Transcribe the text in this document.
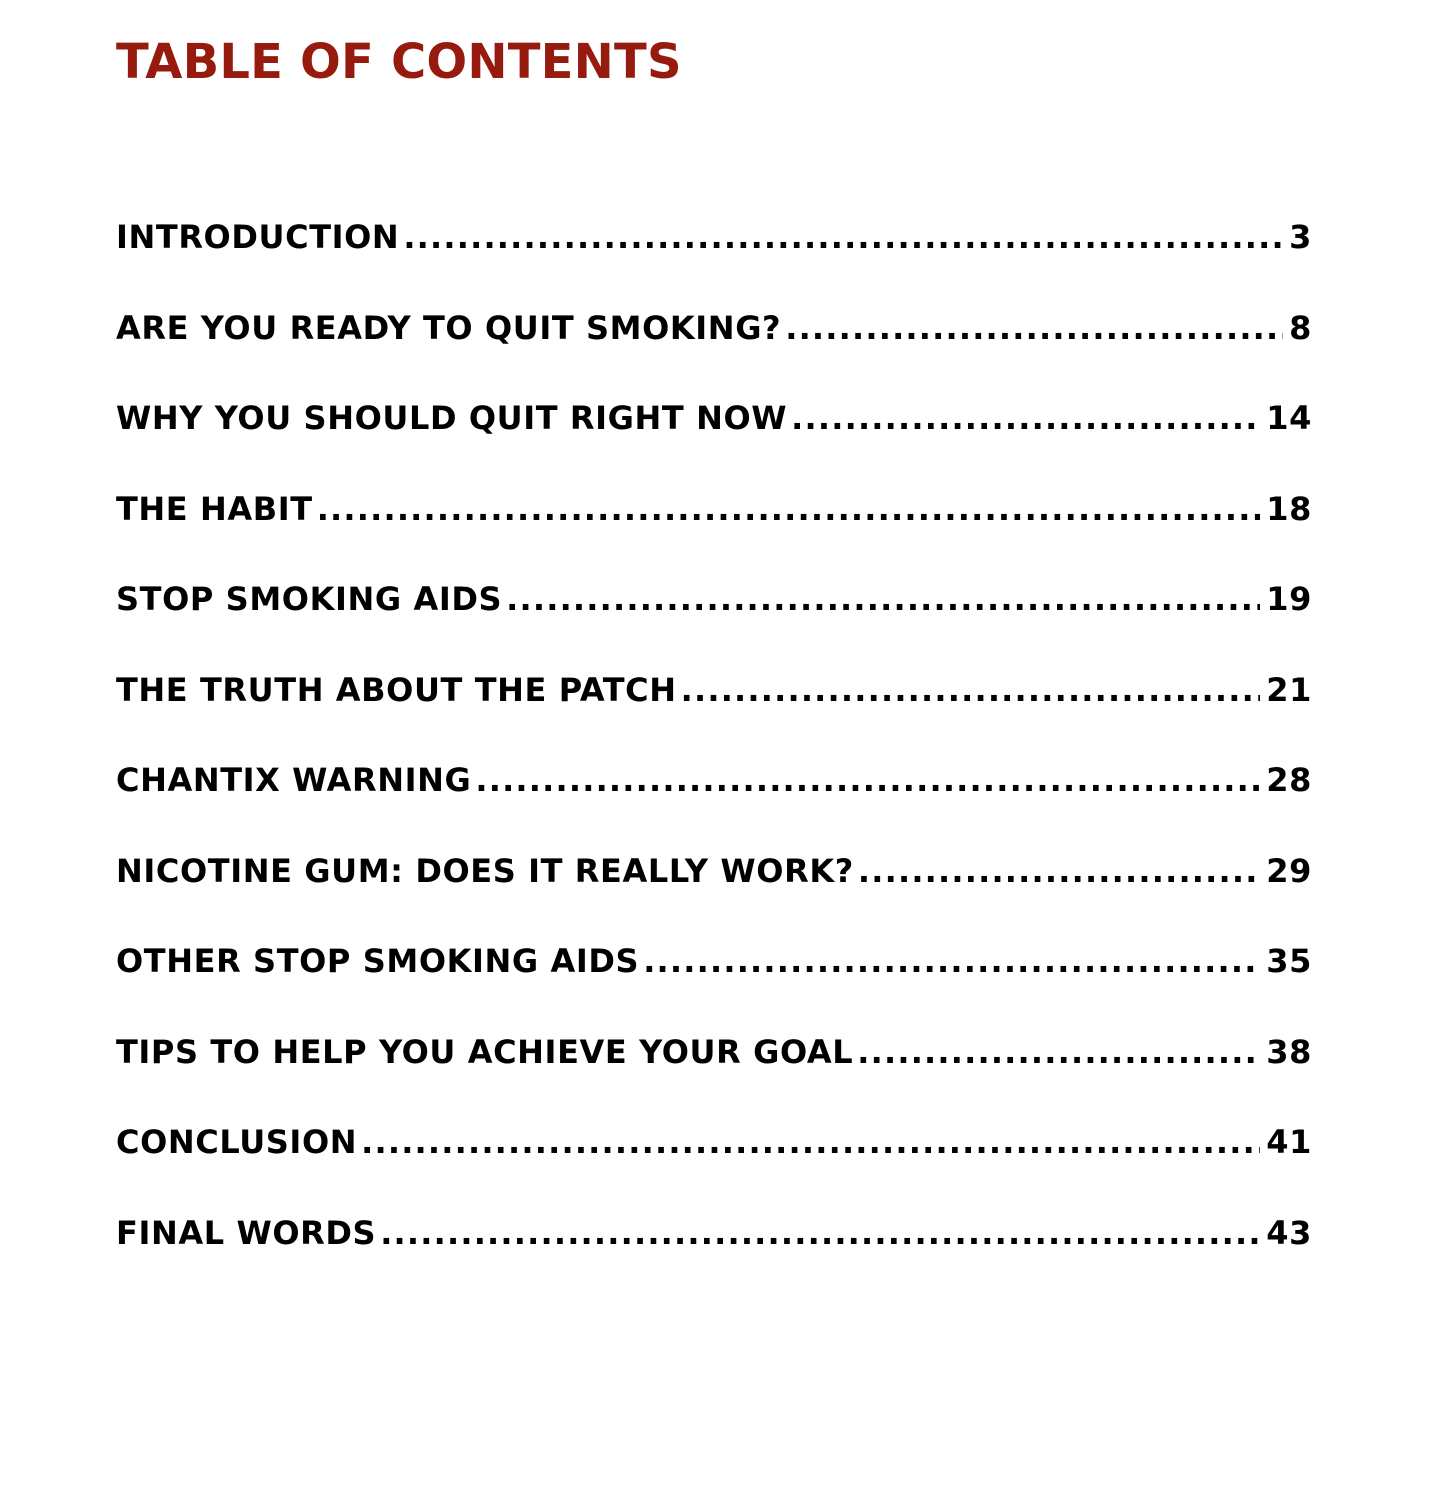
TABLE OF CONTENTS
INTRODUCTION .....	3
ARE YOU READY TO QUIT SMOKING? .....	8
WHY YOU SHOULD QUIT RIGHT NOW .....	14
THE HABIT .....	18
STOP SMOKING AIDS .....	19
THE TRUTH ABOUT THE PATCH .....	21
CHANTIX WARNING .....	28
NICOTINE GUM: DOES IT REALLY WORK? .....	29
OTHER STOP SMOKING AIDS .....	35
TIPS TO HELP YOU ACHIEVE YOUR GOAL .....	38
CONCLUSION .....	41
FINAL WORDS .....	43
